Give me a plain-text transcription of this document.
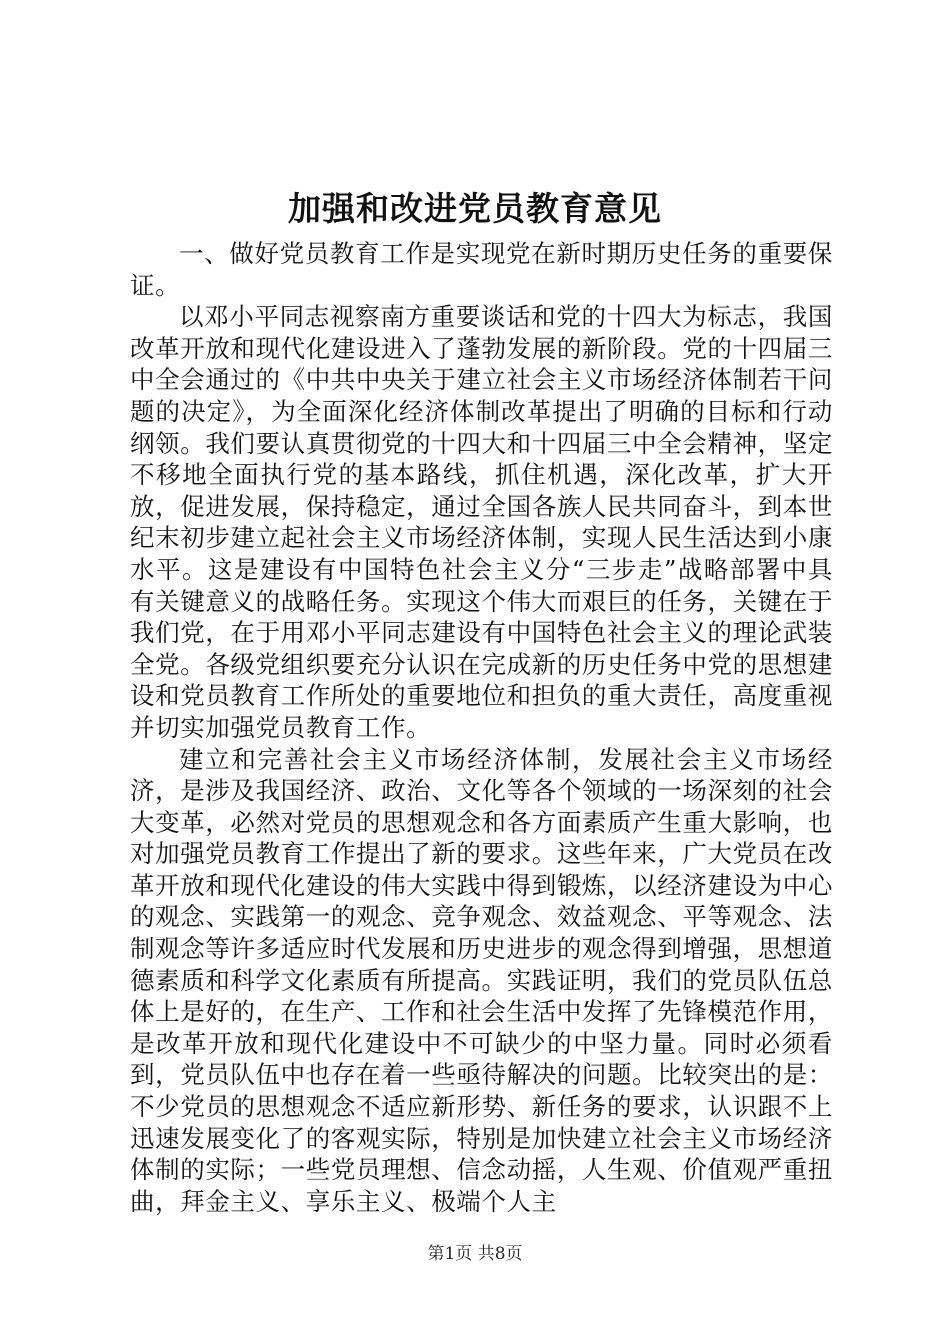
加强和改进党员教育意见

一、做好党员教育工作是实现党在新时期历史任务的重要保证。

以邓小平同志视察南方重要谈话和党的十四大为标志，我国改革开放和现代化建设进入了蓬勃发展的新阶段。党的十四届三中全会通过的《中共中央关于建立社会主义市场经济体制若干问题的决定》，为全面深化经济体制改革提出了明确的目标和行动纲领。我们要认真贯彻党的十四大和十四届三中全会精神，坚定不移地全面执行党的基本路线，抓住机遇，深化改革，扩大开放，促进发展，保持稳定，通过全国各族人民共同奋斗，到本世纪末初步建立起社会主义市场经济体制，实现人民生活达到小康水平。这是建设有中国特色社会主义分“三步走”战略部署中具有关键意义的战略任务。实现这个伟大而艰巨的任务，关键在于我们党，在于用邓小平同志建设有中国特色社会主义的理论武装全党。各级党组织要充分认识在完成新的历史任务中党的思想建设和党员教育工作所处的重要地位和担负的重大责任，高度重视并切实加强党员教育工作。

建立和完善社会主义市场经济体制，发展社会主义市场经济，是涉及我国经济、政治、文化等各个领域的一场深刻的社会大变革，必然对党员的思想观念和各方面素质产生重大影响，也对加强党员教育工作提出了新的要求。这些年来，广大党员在改革开放和现代化建设的伟大实践中得到锻炼，以经济建设为中心的观念、实践第一的观念、竞争观念、效益观念、平等观念、法制观念等许多适应时代发展和历史进步的观念得到增强，思想道德素质和科学文化素质有所提高。实践证明，我们的党员队伍总体上是好的，在生产、工作和社会生活中发挥了先锋模范作用，是改革开放和现代化建设中不可缺少的中坚力量。同时必须看到，党员队伍中也存在着一些亟待解决的问题。比较突出的是：不少党员的思想观念不适应新形势、新任务的要求，认识跟不上迅速发展变化了的客观实际，特别是加快建立社会主义市场经济体制的实际；一些党员理想、信念动摇，人生观、价值观严重扭曲，拜金主义、享乐主义、极端个人主

第1页 共8页
